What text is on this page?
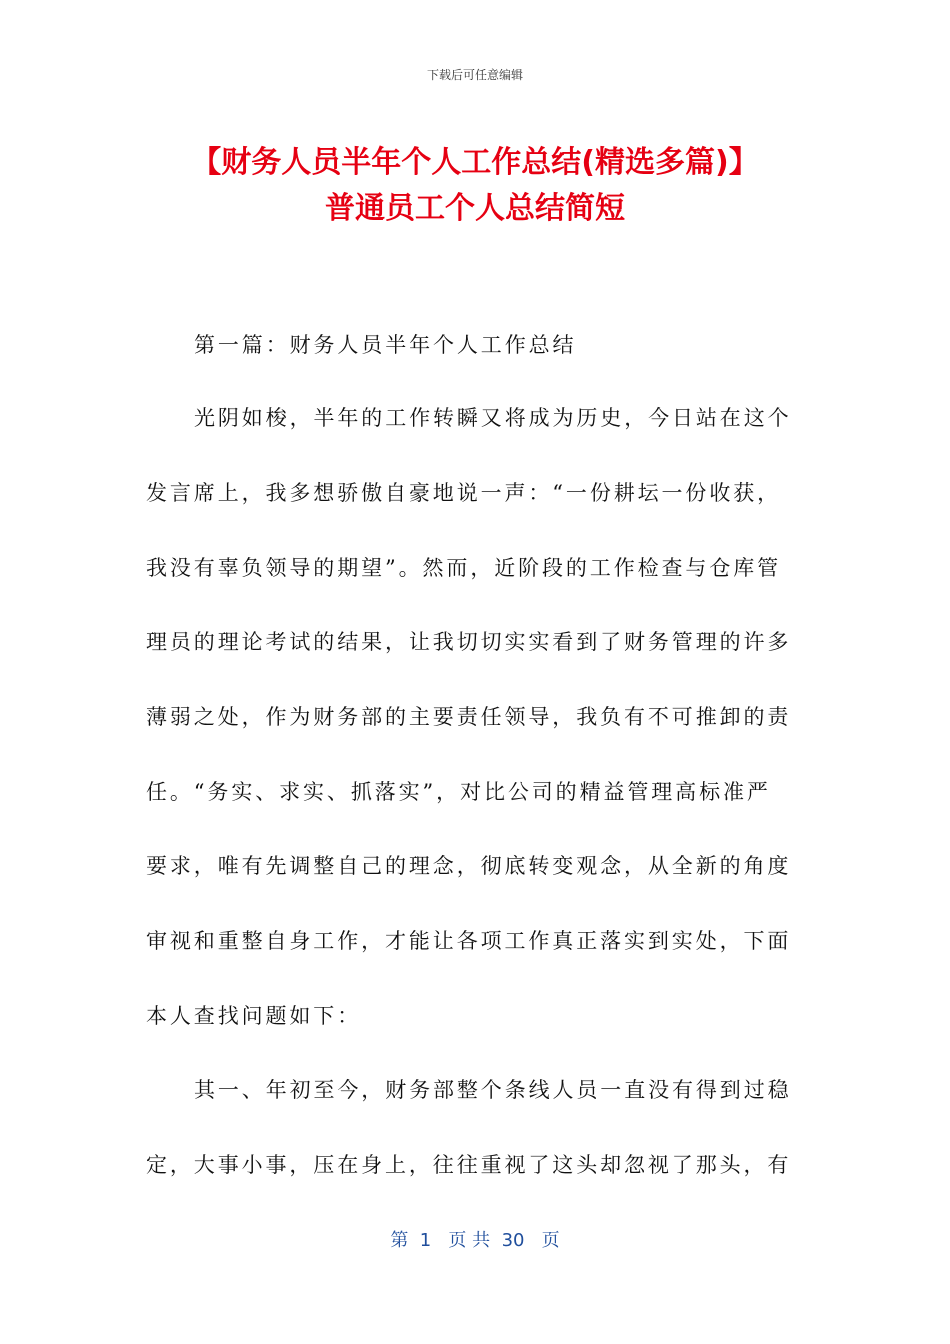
下载后可任意编辑
【财务人员半年个人工作总结(精选多篇)】
普通员工个人总结简短
第一篇：财务人员半年个人工作总结
光阴如梭，半年的工作转瞬又将成为历史，今日站在这个
发言席上，我多想骄傲自豪地说一声：“一份耕坛一份收获，
我没有辜负领导的期望”。然而，近阶段的工作检查与仓库管
理员的理论考试的结果，让我切切实实看到了财务管理的许多
薄弱之处，作为财务部的主要责任领导，我负有不可推卸的责
任。“务实、求实、抓落实”，对比公司的精益管理高标准严
要求，唯有先调整自己的理念，彻底转变观念，从全新的角度
审视和重整自身工作，才能让各项工作真正落实到实处，下面
本人查找问题如下：
其一、年初至今，财务部整个条线人员一直没有得到过稳
定，大事小事，压在身上，往往重视了这头却忽视了那头，有
第  1   页 共  30   页
